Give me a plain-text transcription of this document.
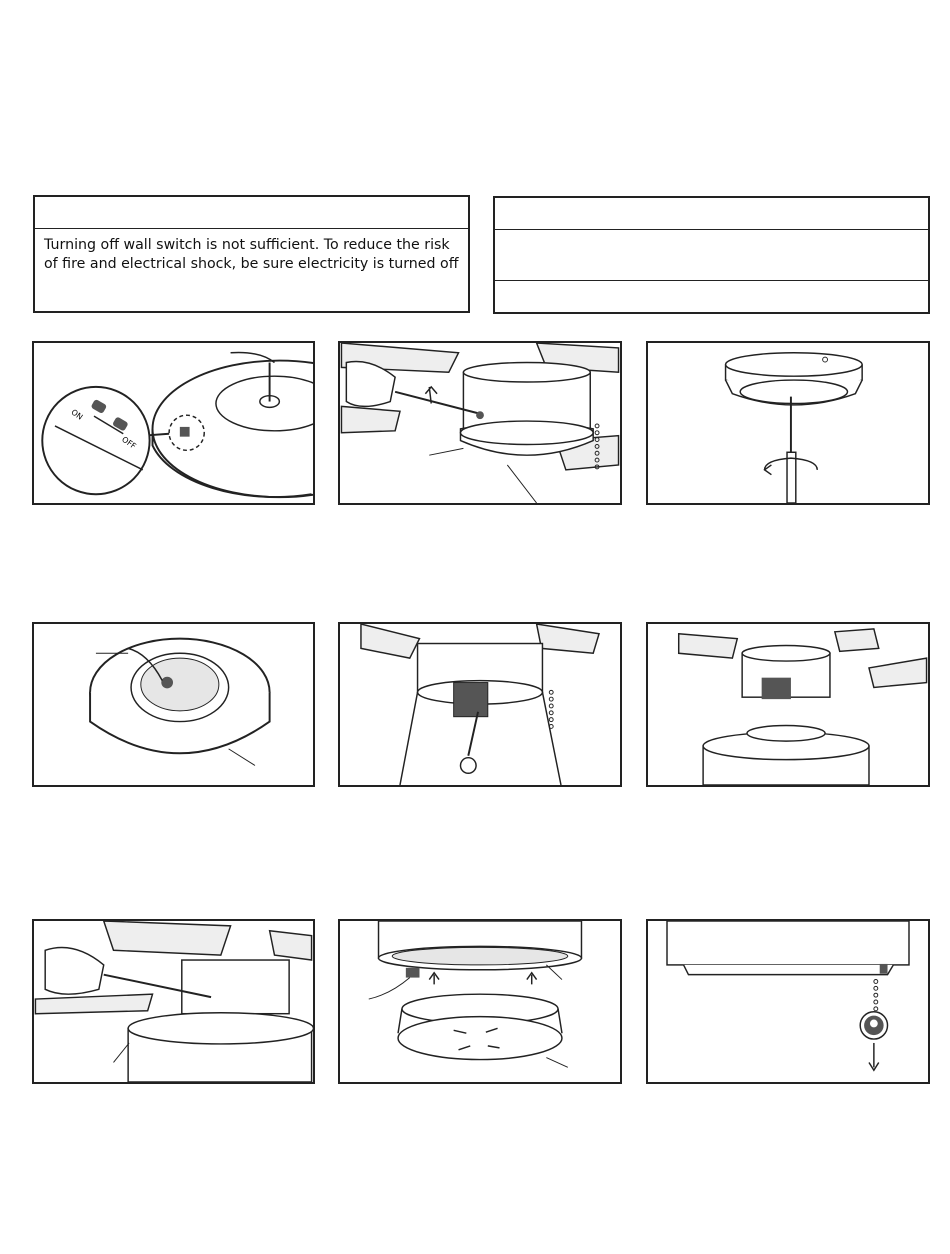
Turning off wall switch is not sufficient. To reduce the risk
of fire and electrical shock, be sure electricity is turned off
ON
OFF
